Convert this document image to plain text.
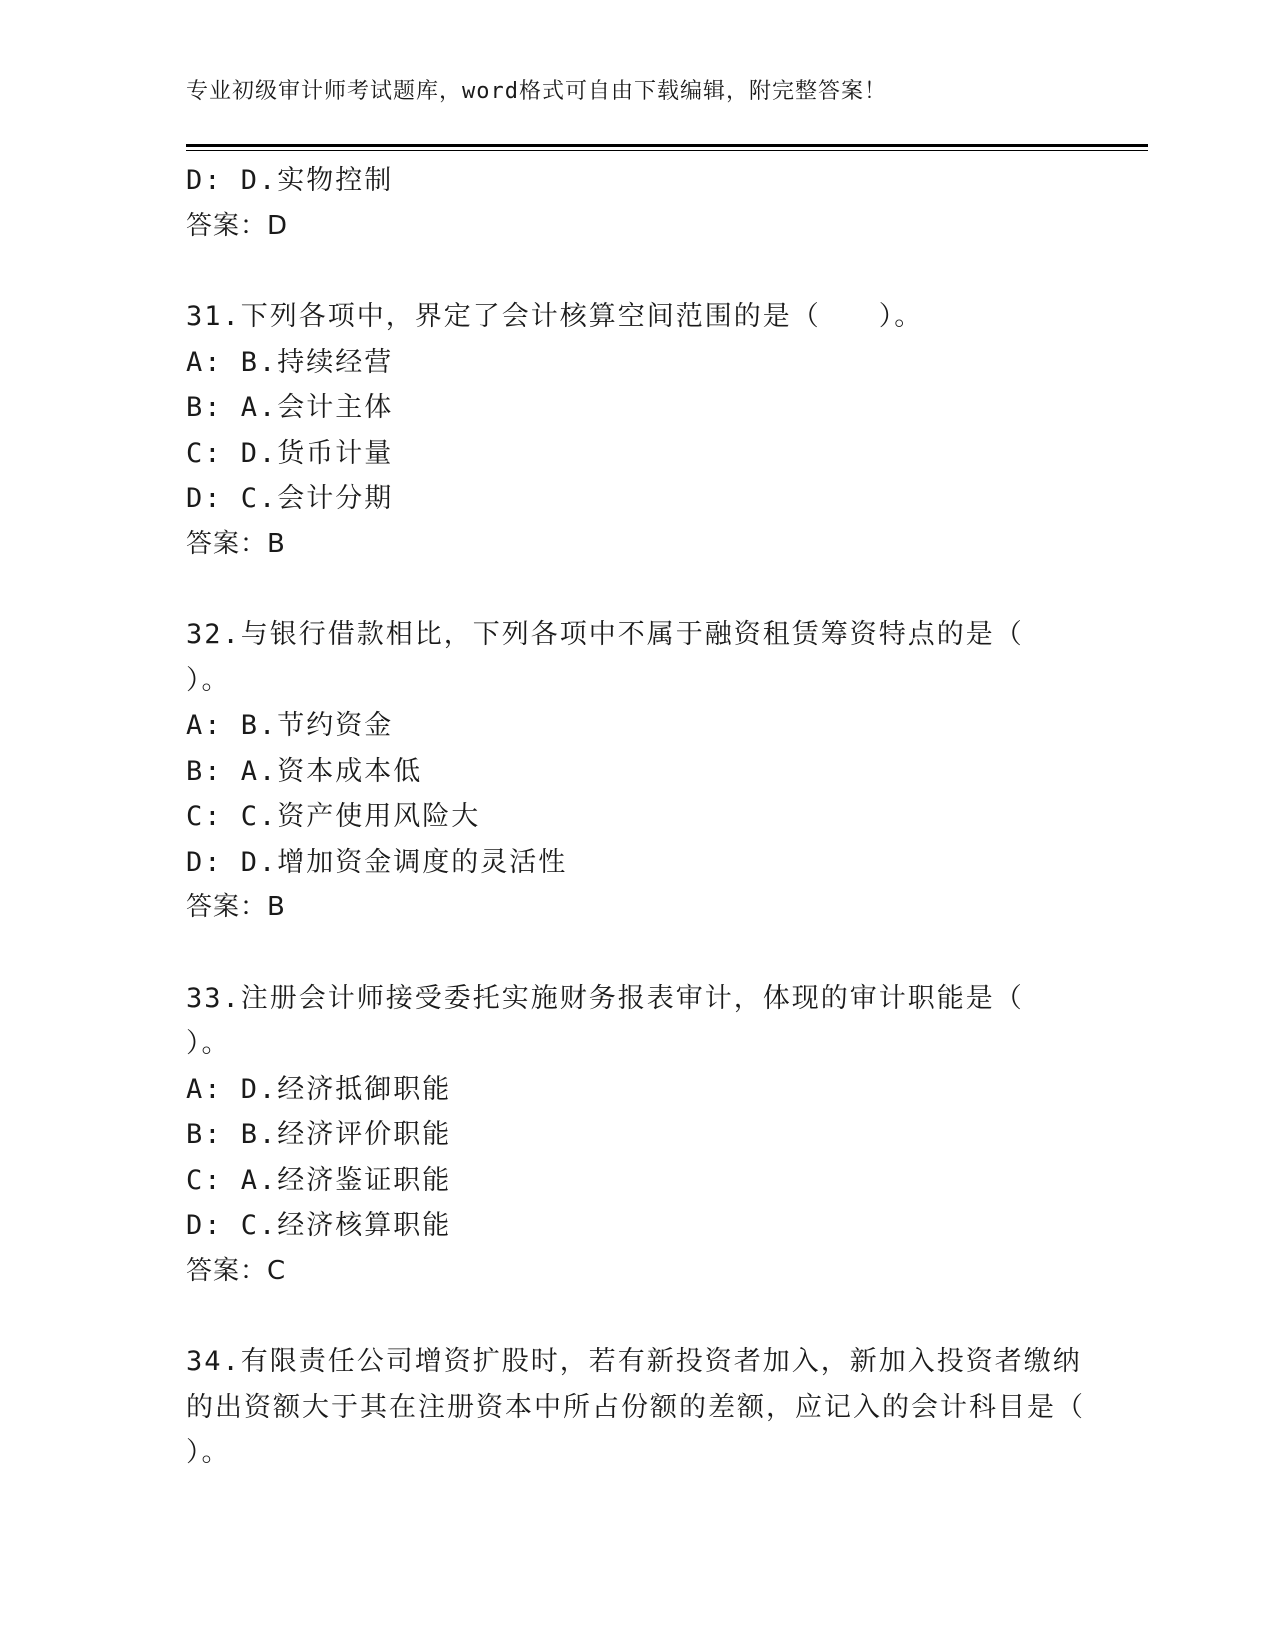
专业初级审计师考试题库，word格式可自由下载编辑，附完整答案！
D: D.实物控制
答案：D
31.下列各项中，界定了会计核算空间范围的是（　　）。
A: B.持续经营
B: A.会计主体
C: D.货币计量
D: C.会计分期
答案：B
32.与银行借款相比，下列各项中不属于融资租赁筹资特点的是（ ）。
A: B.节约资金
B: A.资本成本低
C: C.资产使用风险大
D: D.增加资金调度的灵活性
答案：B
33.注册会计师接受委托实施财务报表审计，体现的审计职能是（ ）。
A: D.经济抵御职能
B: B.经济评价职能
C: A.经济鉴证职能
D: C.经济核算职能
答案：C
34.有限责任公司增资扩股时，若有新投资者加入，新加入投资者缴纳的出资额大于其在注册资本中所占份额的差额，应记入的会计科目是（　　）。
